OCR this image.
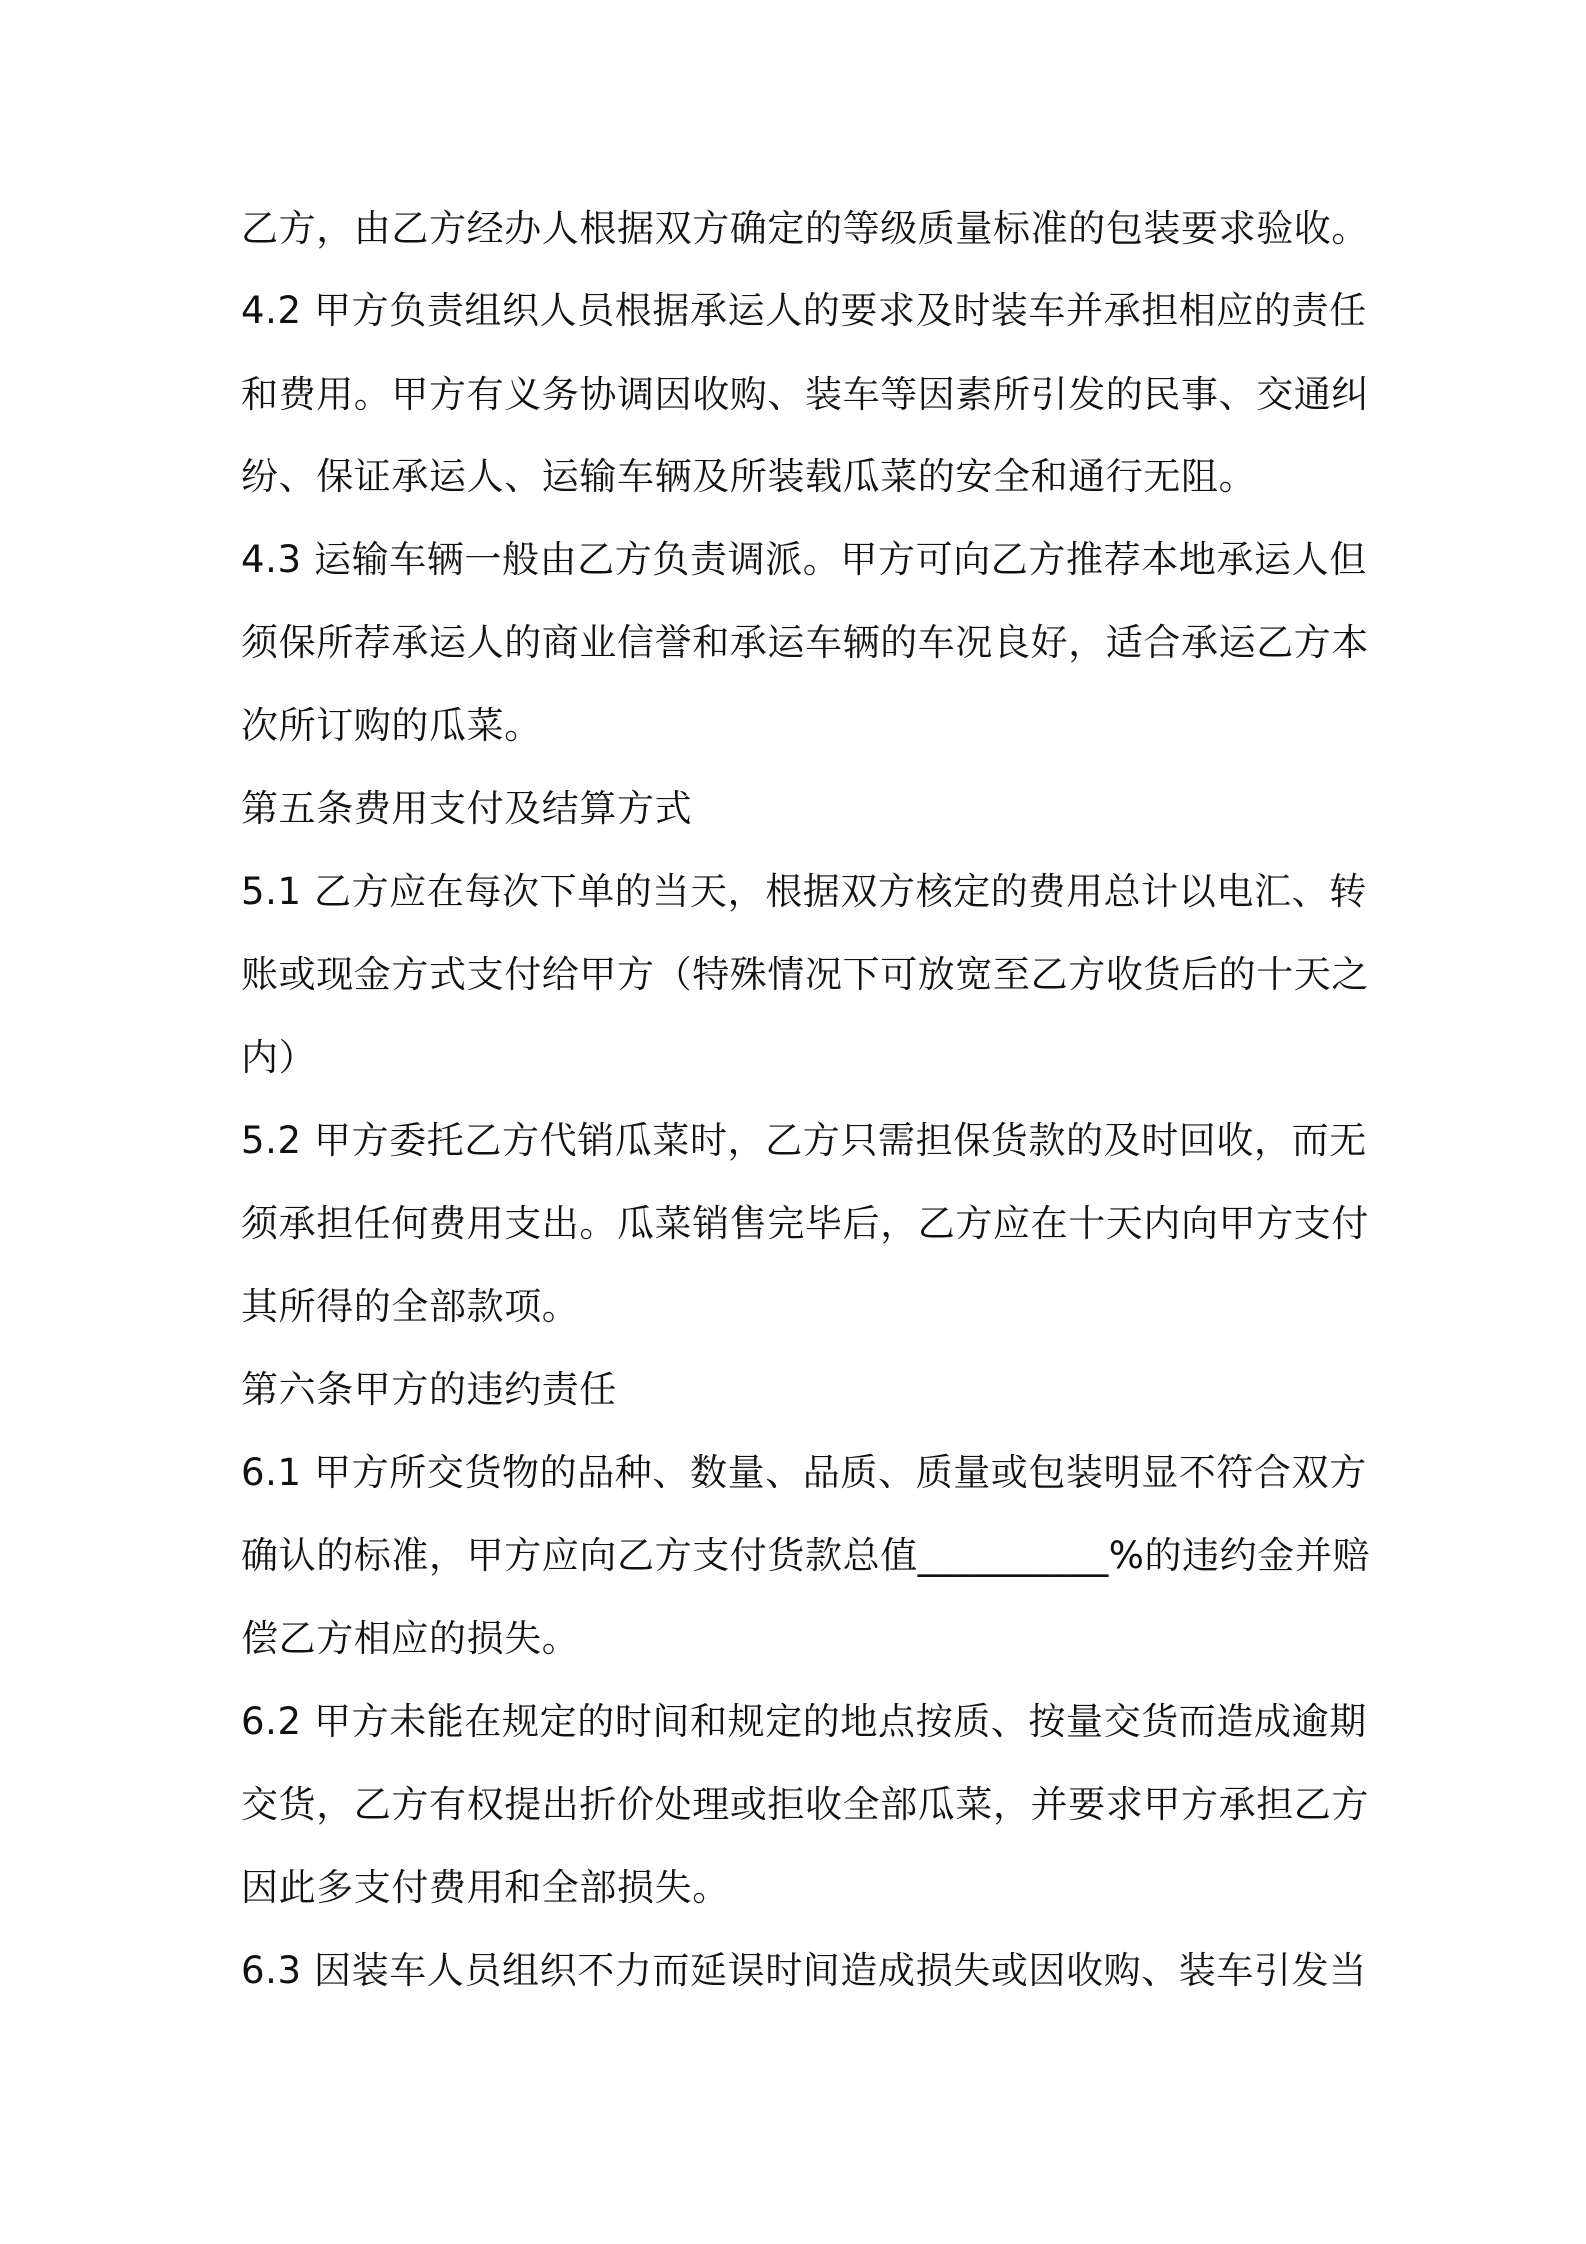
乙方，由乙方经办人根据双方确定的等级质量标准的包装要求验收。

4.2 甲方负责组织人员根据承运人的要求及时装车并承担相应的责任

和费用。甲方有义务协调因收购、装车等因素所引发的民事、交通纠

纷、保证承运人、运输车辆及所装载瓜菜的安全和通行无阻。

4.3 运输车辆一般由乙方负责调派。甲方可向乙方推荐本地承运人但

须保所荐承运人的商业信誉和承运车辆的车况良好，适合承运乙方本

次所订购的瓜菜。

第五条费用支付及结算方式

5.1 乙方应在每次下单的当天，根据双方核定的费用总计以电汇、转

账或现金方式支付给甲方（特殊情况下可放宽至乙方收货后的十天之

内）

5.2 甲方委托乙方代销瓜菜时，乙方只需担保货款的及时回收，而无

须承担任何费用支出。瓜菜销售完毕后，乙方应在十天内向甲方支付

其所得的全部款项。

第六条甲方的违约责任

6.1 甲方所交货物的品种、数量、品质、质量或包装明显不符合双方

确认的标准，甲方应向乙方支付货款总值__________%的违约金并赔

偿乙方相应的损失。

6.2 甲方未能在规定的时间和规定的地点按质、按量交货而造成逾期

交货，乙方有权提出折价处理或拒收全部瓜菜，并要求甲方承担乙方

因此多支付费用和全部损失。

6.3 因装车人员组织不力而延误时间造成损失或因收购、装车引发当
